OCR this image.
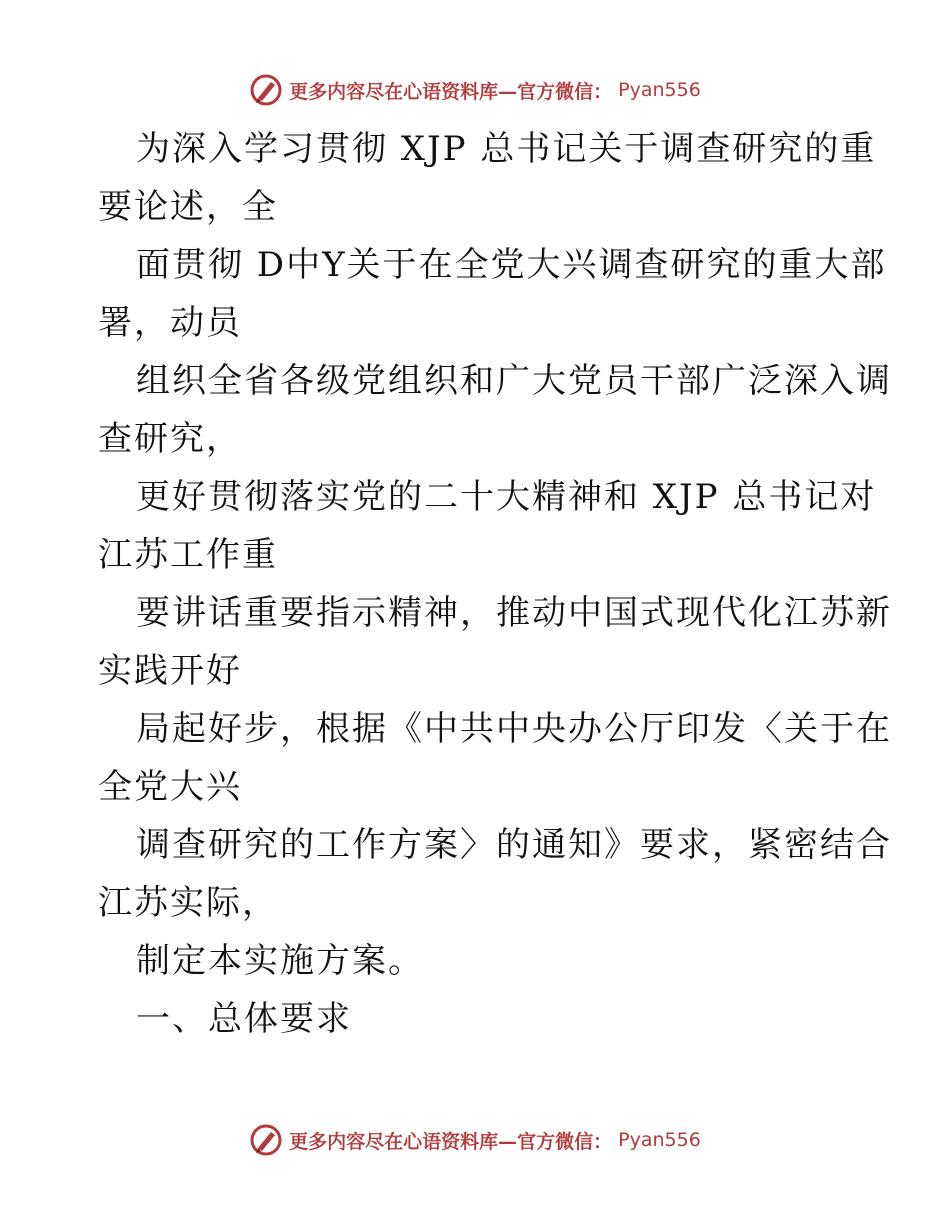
更多内容尽在心语资料库—官方微信： Pyan556
为深入学习贯彻 XJP 总书记关于调查研究的重
要论述，全
面贯彻 D中Y关于在全党大兴调查研究的重大部
署，动员
组织全省各级党组织和广大党员干部广泛深入调
查研究，
更好贯彻落实党的二十大精神和 XJP 总书记对
江苏工作重
要讲话重要指示精神，推动中国式现代化江苏新
实践开好
局起好步，根据《中共中央办公厅印发〈关于在
全党大兴
调查研究的工作方案〉的通知》要求，紧密结合
江苏实际，
制定本实施方案。
一、总体要求
更多内容尽在心语资料库—官方微信： Pyan556
